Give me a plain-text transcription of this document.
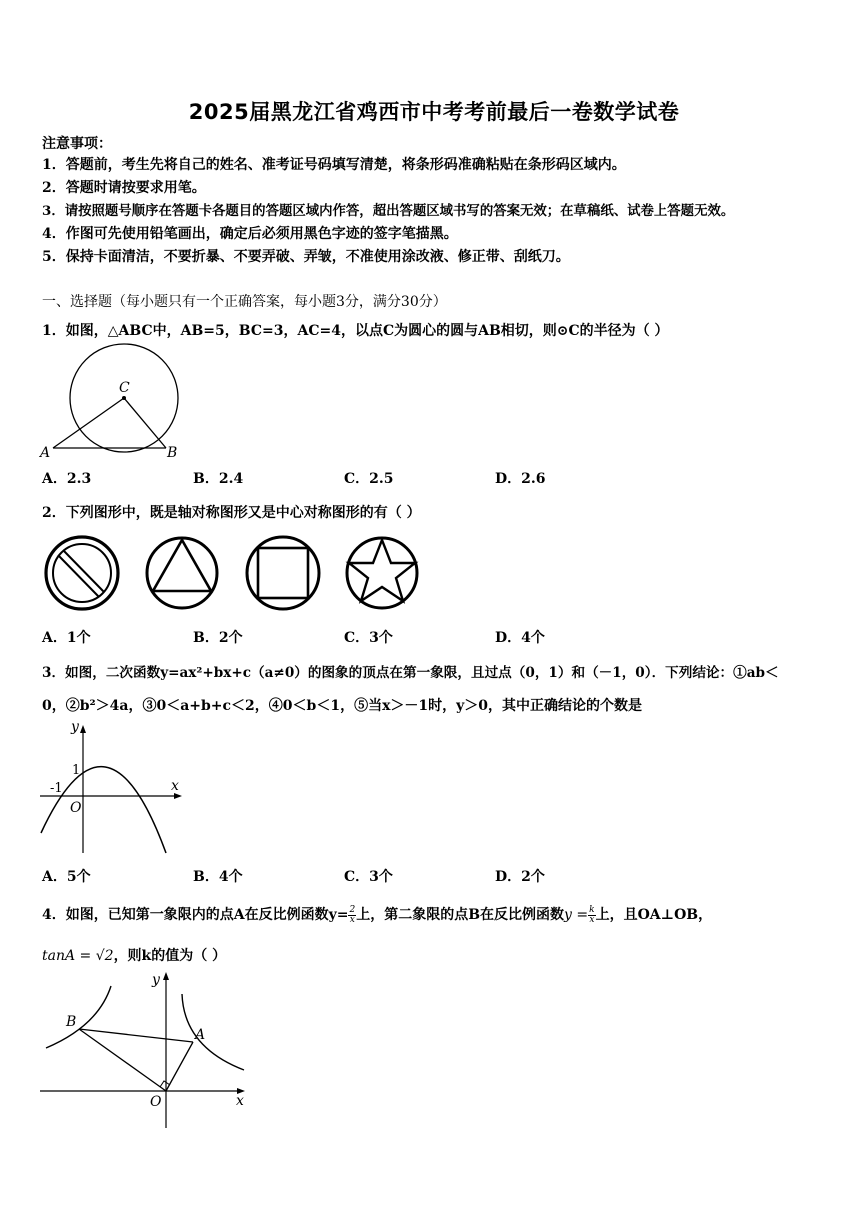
2025届黑龙江省鸡西市中考考前最后一卷数学试卷
注意事项：
1．答题前，考生先将自己的姓名、准考证号码填写清楚，将条形码准确粘贴在条形码区域内。
2．答题时请按要求用笔。
3．请按照题号顺序在答题卡各题目的答题区域内作答，超出答题区域书写的答案无效；在草稿纸、试卷上答题无效。
4．作图可先使用铅笔画出，确定后必须用黑色字迹的签字笔描黑。
5．保持卡面清洁，不要折暴、不要弄破、弄皱，不准使用涂改液、修正带、刮纸刀。
一、选择题（每小题只有一个正确答案，每小题3分，满分30分）
1．如图，△ABC中，AB=5，BC=3，AC=4，以点C为圆心的圆与AB相切，则⊙C的半径为（ ）
C
A	B
A．2.3	B．2.4	C．2.5	D．2.6
2．下列图形中，既是轴对称图形又是中心对称图形的有（ ）
A．1个	B．2个	C．3个	D．4个
3．如图，二次函数y=ax²+bx+c（a≠0）的图象的顶点在第一象限，且过点（0，1）和（－1，0）．下列结论：①ab＜
0，②b²＞4a，③0＜a+b+c＜2，④0＜b＜1，⑤当x＞－1时，y＞0，其中正确结论的个数是
y
x
1
-1
O
A．5个	B．4个	C．3个	D．2个
4．如图，已知第一象限内的点A在反比例函数$y= \frac{2}{x}$ 上，第二象限的点B在反比例函数$y = \frac{k}{x}$ 上，且OA⊥OB，
tanA = √2，则k的值为（ ）
B
A
y
x
O
